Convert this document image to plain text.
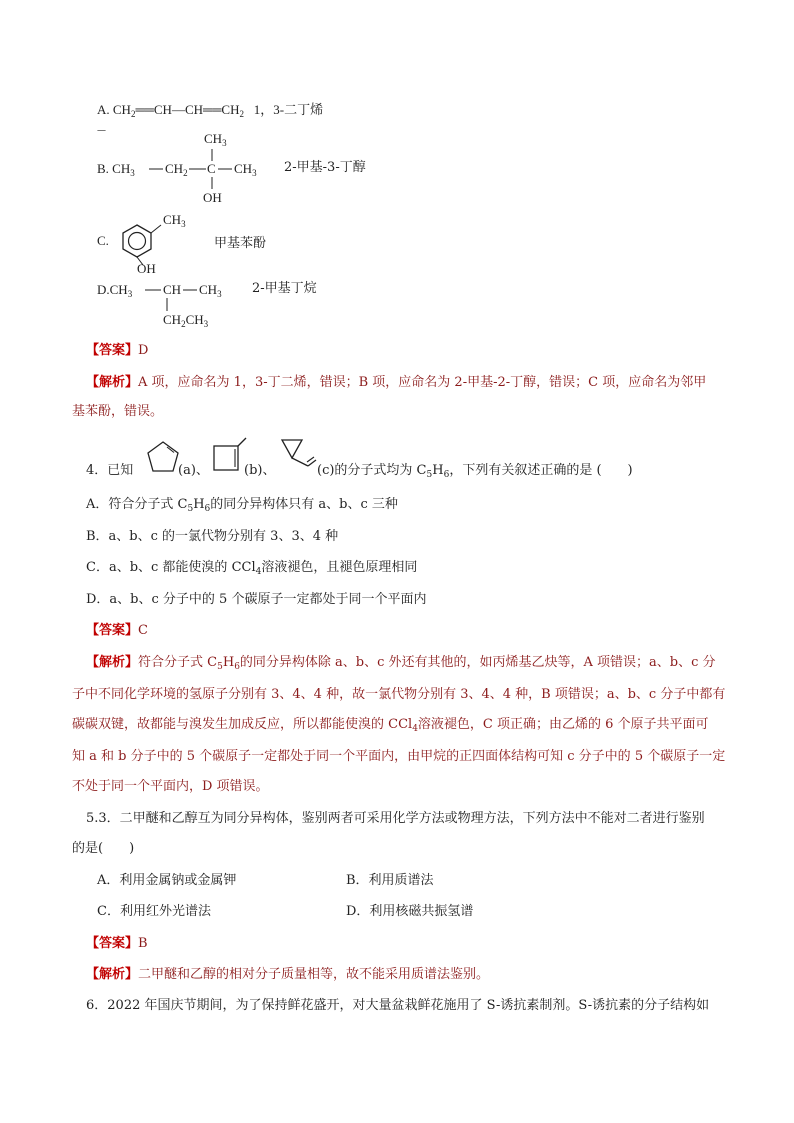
A. $CH_2══CH—CH══CH_2$ 1，3-二丁烯
—	$CH_3$
B. $CH_3$ $CH_2$ C $CH_3$
OH
2-甲基-3-丁醇
C.
$CH_3$
OH
甲基苯酚
$D.CH_3$ CH $CH_3$
$CH_2CH_3$
2-甲基丁烷
【答案】D
【解析】A 项，应命名为 1，3-丁二烯，错误；B 项，应命名为 2-甲基-2-丁醇，错误；C 项，应命名为邻甲
基苯酚，错误。
4．已知	(a)、	(b)、	(c)的分子式均为 $C_5H_6$，下列有关叙述正确的是 (　　)
A．符合分子式 $C_5H_6$的同分异构体只有 a、b、c 三种
B．a、b、c 的一氯代物分别有 3、3、4 种
C．a、b、c 都能使溴的 CCl$_4$溶液褪色，且褪色原理相同
D．a、b、c 分子中的 5 个碳原子一定都处于同一个平面内
【答案】C
【解析】符合分子式 $C_5H_6$的同分异构体除 a、b、c 外还有其他的，如丙烯基乙炔等，A 项错误；a、b、c 分
子中不同化学环境的氢原子分别有 3、4、4 种，故一氯代物分别有 3、4、4 种，B 项错误；a、b、c 分子中都有
碳碳双键，故都能与溴发生加成反应，所以都能使溴的 CCl$_4$溶液褪色，C 项正确；由乙烯的 6 个原子共平面可
知 a 和 b 分子中的 5 个碳原子一定都处于同一个平面内，由甲烷的正四面体结构可知 c 分子中的 5 个碳原子一定
不处于同一个平面内，D 项错误。
5.3．二甲醚和乙醇互为同分异构体，鉴别两者可采用化学方法或物理方法，下列方法中不能对二者进行鉴别
的是(　　)
A．利用金属钠或金属钾	B．利用质谱法
C．利用红外光谱法	D．利用核磁共振氢谱
【答案】B
【解析】二甲醚和乙醇的相对分子质量相等，故不能采用质谱法鉴别。
6．2022 年国庆节期间，为了保持鲜花盛开，对大量盆栽鲜花施用了 S-诱抗素制剂。S-诱抗素的分子结构如
